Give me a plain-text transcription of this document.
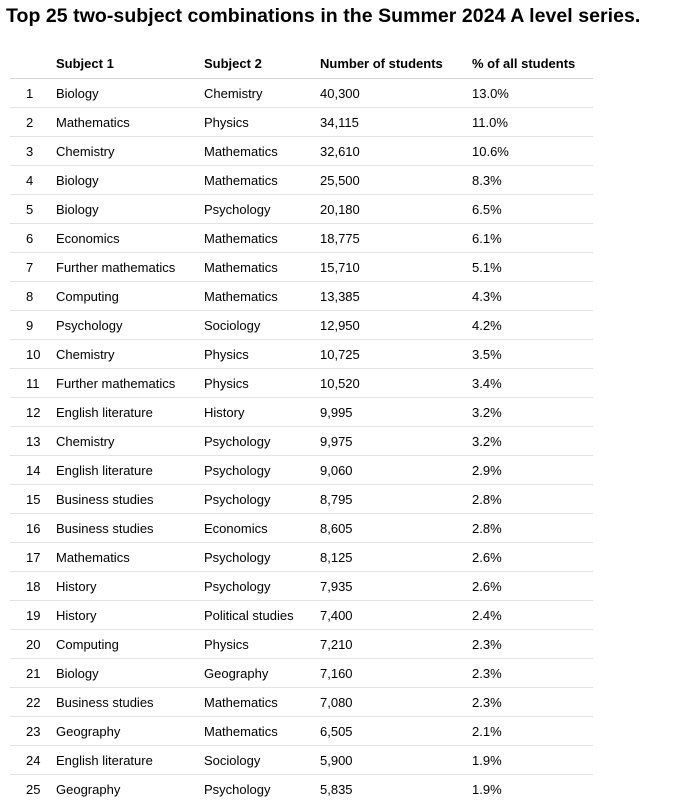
Top 25 two-subject combinations in the Summer 2024 A level series.
	Subject 1	Subject 2	Number of students	% of all students
1	Biology	Chemistry	40,300	13.0%
2	Mathematics	Physics	34,115	11.0%
3	Chemistry	Mathematics	32,610	10.6%
4	Biology	Mathematics	25,500	8.3%
5	Biology	Psychology	20,180	6.5%
6	Economics	Mathematics	18,775	6.1%
7	Further mathematics	Mathematics	15,710	5.1%
8	Computing	Mathematics	13,385	4.3%
9	Psychology	Sociology	12,950	4.2%
10	Chemistry	Physics	10,725	3.5%
11	Further mathematics	Physics	10,520	3.4%
12	English literature	History	9,995	3.2%
13	Chemistry	Psychology	9,975	3.2%
14	English literature	Psychology	9,060	2.9%
15	Business studies	Psychology	8,795	2.8%
16	Business studies	Economics	8,605	2.8%
17	Mathematics	Psychology	8,125	2.6%
18	History	Psychology	7,935	2.6%
19	History	Political studies	7,400	2.4%
20	Computing	Physics	7,210	2.3%
21	Biology	Geography	7,160	2.3%
22	Business studies	Mathematics	7,080	2.3%
23	Geography	Mathematics	6,505	2.1%
24	English literature	Sociology	5,900	1.9%
25	Geography	Psychology	5,835	1.9%
